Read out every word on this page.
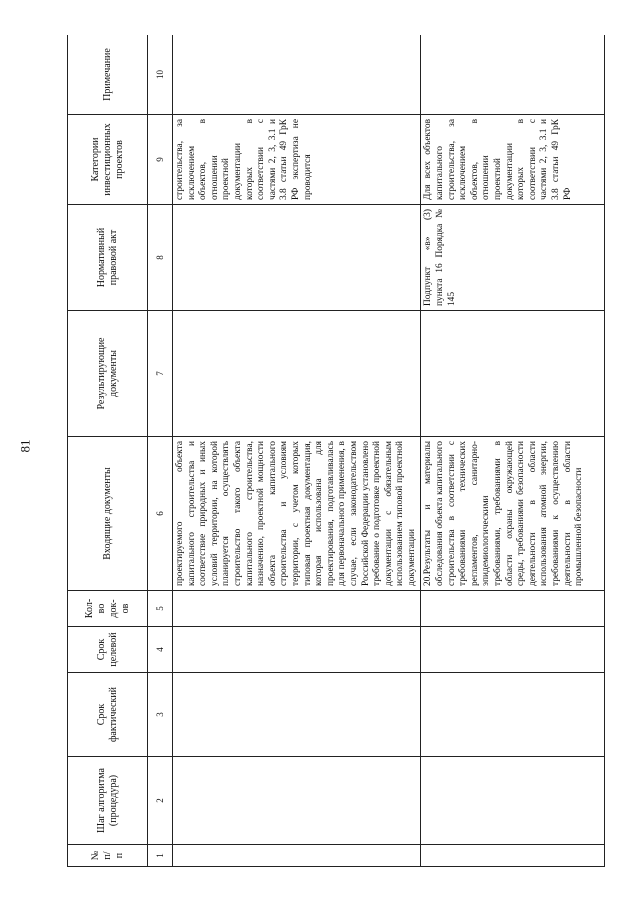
81
№ п/п	Шаг алгоритма (процедура)	Срок фактический	Срок целевой	Кол-во док-ов	Входящие документы	Результирующие документы	Нормативный правовой акт	Категории инвестиционных проектов	Примечание
1	2	3	4	5	6	7	8	9	10
					проектируемого объекта капитального строительства и соответствие природных и иных условий территории, на которой планируется осуществлять строительство такого объекта капитального строительства, назначению, проектной мощности объекта капитального строительства и условиям территории, с учетом которых типовая проектная документация, которая использована для проектирования, подготавливалась для первоначального применения, в случае, если законодательством Российской Федерации установлено требование о подготовке проектной документации с обязательным использованием типовой проектной документации			строительства, за исключением объектов, в отношении проектной документации которых в соответствии с частями 2, 3, 3.1 и 3.8 статьи 49 ГрК РФ экспертиза не проводится	
					20.Результаты и материалы обследования объекта капитального строительства в соответствии с требованиями технических регламентов, санитарно-эпидемиологическими требованиями, требованиями в области охраны окружающей среды, требованиями безопасности деятельности в области использования атомной энергии, требованиями к осуществлению деятельности в области промышленной безопасности		Подпункт «в» (3) пункта 16 Порядка № 145	Для всех объектов капитального строительства, за исключением объектов, в отношении проектной документации которых в соответствии с частями 2, 3, 3.1 и 3.8 статьи 49 ГрК РФ	
